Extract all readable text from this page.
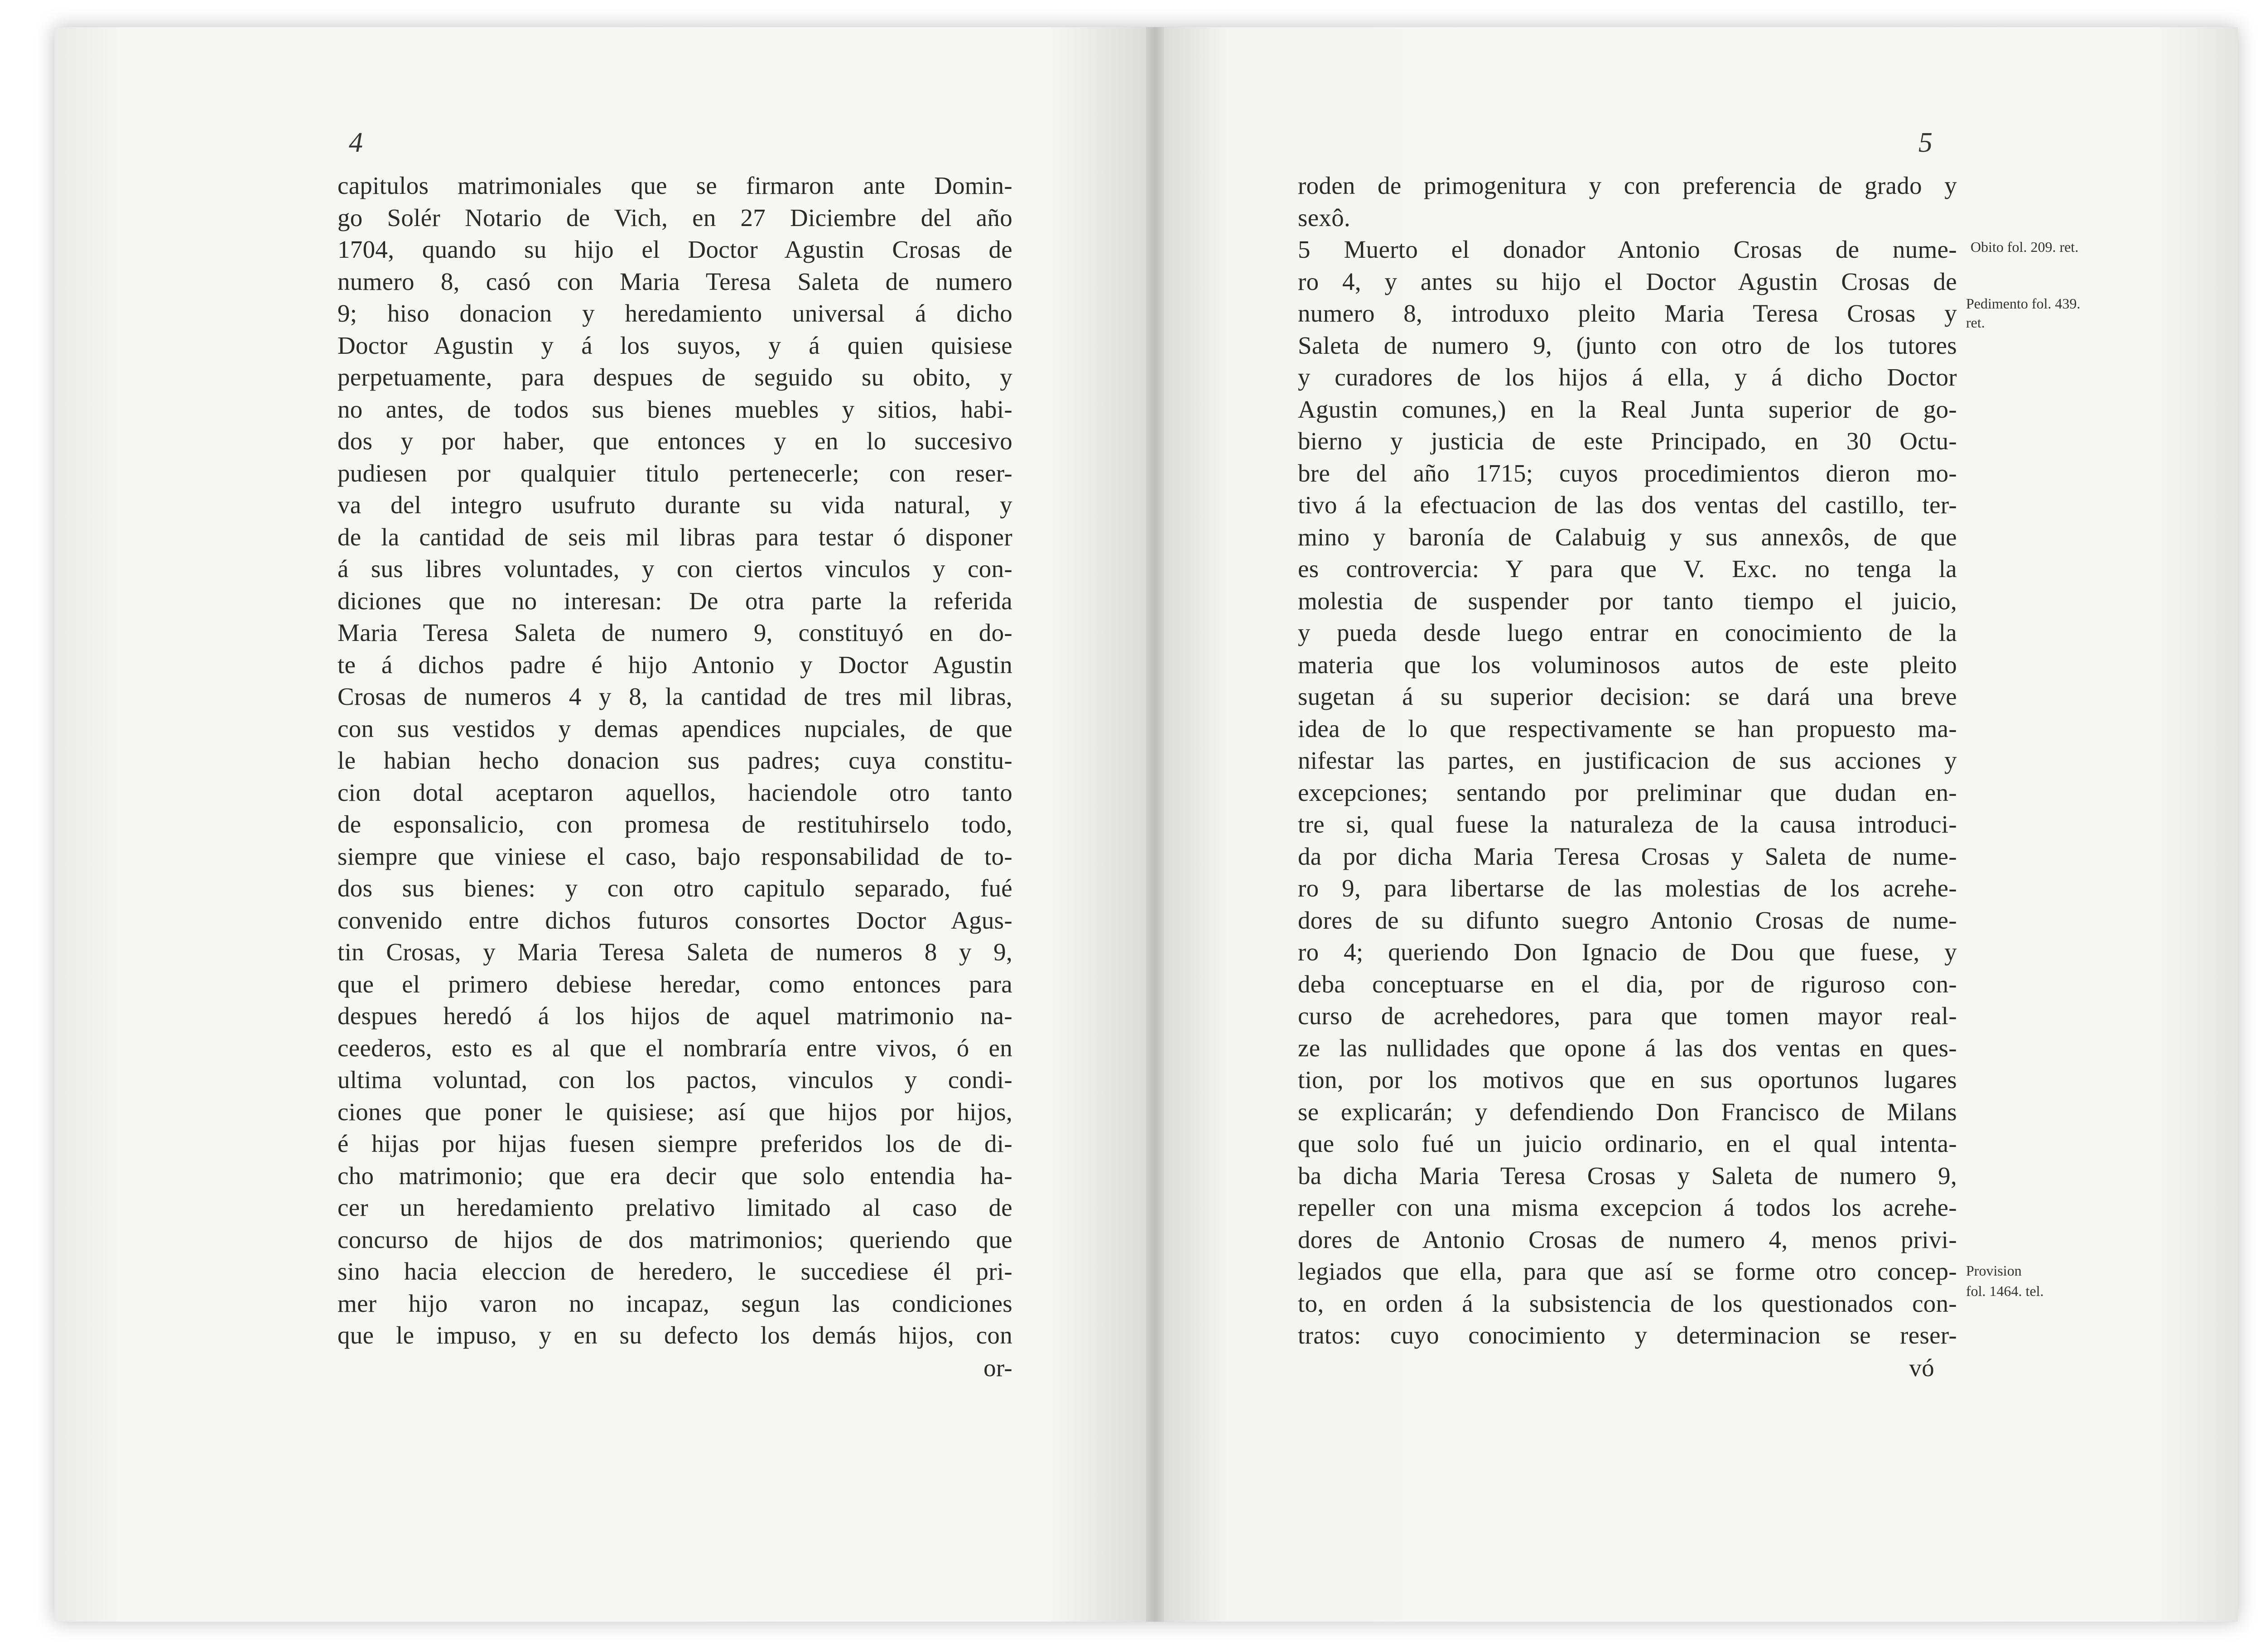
4
capitulos matrimoniales que se firmaron ante Domin-
go Solér Notario de Vich, en 27 Diciembre del año
1704, quando su hijo el Doctor Agustin Crosas de
numero 8, casó con Maria Teresa Saleta de numero
9; hiso donacion y heredamiento universal á dicho
Doctor Agustin y á los suyos, y á quien quisiese
perpetuamente, para despues de seguido su obito, y
no antes, de todos sus bienes muebles y sitios, habi-
dos y por haber, que entonces y en lo succesivo
pudiesen por qualquier titulo pertenecerle; con reser-
va del integro usufruto durante su vida natural, y
de la cantidad de seis mil libras para testar ó disponer
á sus libres voluntades, y con ciertos vinculos y con-
diciones que no interesan: De otra parte la referida
Maria Teresa Saleta de numero 9, constituyó en do-
te á dichos padre é hijo Antonio y Doctor Agustin
Crosas de numeros 4 y 8, la cantidad de tres mil libras,
con sus vestidos y demas apendices nupciales, de que
le habian hecho donacion sus padres; cuya constitu-
cion dotal aceptaron aquellos, haciendole otro tanto
de esponsalicio, con promesa de restituhirselo todo,
siempre que viniese el caso, bajo responsabilidad de to-
dos sus bienes: y con otro capitulo separado, fué
convenido entre dichos futuros consortes Doctor Agus-
tin Crosas, y Maria Teresa Saleta de numeros 8 y 9,
que el primero debiese heredar, como entonces para
despues heredó á los hijos de aquel matrimonio na-
ceederos, esto es al que el nombraría entre vivos, ó en
ultima voluntad, con los pactos, vinculos y condi-
ciones que poner le quisiese; así que hijos por hijos,
é hijas por hijas fuesen siempre preferidos los de di-
cho matrimonio; que era decir que solo entendia ha-
cer un heredamiento prelativo limitado al caso de
concurso de hijos de dos matrimonios; queriendo que
sino hacia eleccion de heredero, le succediese él pri-
mer hijo varon no incapaz, segun las condiciones
que le impuso, y en su defecto los demás hijos, con
or-
5
roden de primogenitura y con preferencia de grado y
sexô.
5 Muerto el donador Antonio Crosas de nume-
ro 4, y antes su hijo el Doctor Agustin Crosas de
numero 8, introduxo pleito Maria Teresa Crosas y
Saleta de numero 9, (junto con otro de los tutores
y curadores de los hijos á ella, y á dicho Doctor
Agustin comunes,) en la Real Junta superior de go-
bierno y justicia de este Principado, en 30 Octu-
bre del año 1715; cuyos procedimientos dieron mo-
tivo á la efectuacion de las dos ventas del castillo, ter-
mino y baronía de Calabuig y sus annexôs, de que
es controvercia: Y para que V. Exc. no tenga la
molestia de suspender por tanto tiempo el juicio,
y pueda desde luego entrar en conocimiento de la
materia que los voluminosos autos de este pleito
sugetan á su superior decision: se dará una breve
idea de lo que respectivamente se han propuesto ma-
nifestar las partes, en justificacion de sus acciones y
excepciones; sentando por preliminar que dudan en-
tre si, qual fuese la naturaleza de la causa introduci-
da por dicha Maria Teresa Crosas y Saleta de nume-
ro 9, para libertarse de las molestias de los acrehe-
dores de su difunto suegro Antonio Crosas de nume-
ro 4; queriendo Don Ignacio de Dou que fuese, y
deba conceptuarse en el dia, por de riguroso con-
curso de acrehedores, para que tomen mayor real-
ze las nullidades que opone á las dos ventas en ques-
tion, por los motivos que en sus oportunos lugares
se explicarán; y defendiendo Don Francisco de Milans
que solo fué un juicio ordinario, en el qual intenta-
ba dicha Maria Teresa Crosas y Saleta de numero 9,
repeller con una misma excepcion á todos los acrehe-
dores de Antonio Crosas de numero 4, menos privi-
legiados que ella, para que así se forme otro concep-
to, en orden á la subsistencia de los questionados con-
tratos: cuyo conocimiento y determinacion se reser-
vó
Obito fol. 209. ret.
Pedimento fol. 439.
ret.
Provision
fol. 1464. tel.
